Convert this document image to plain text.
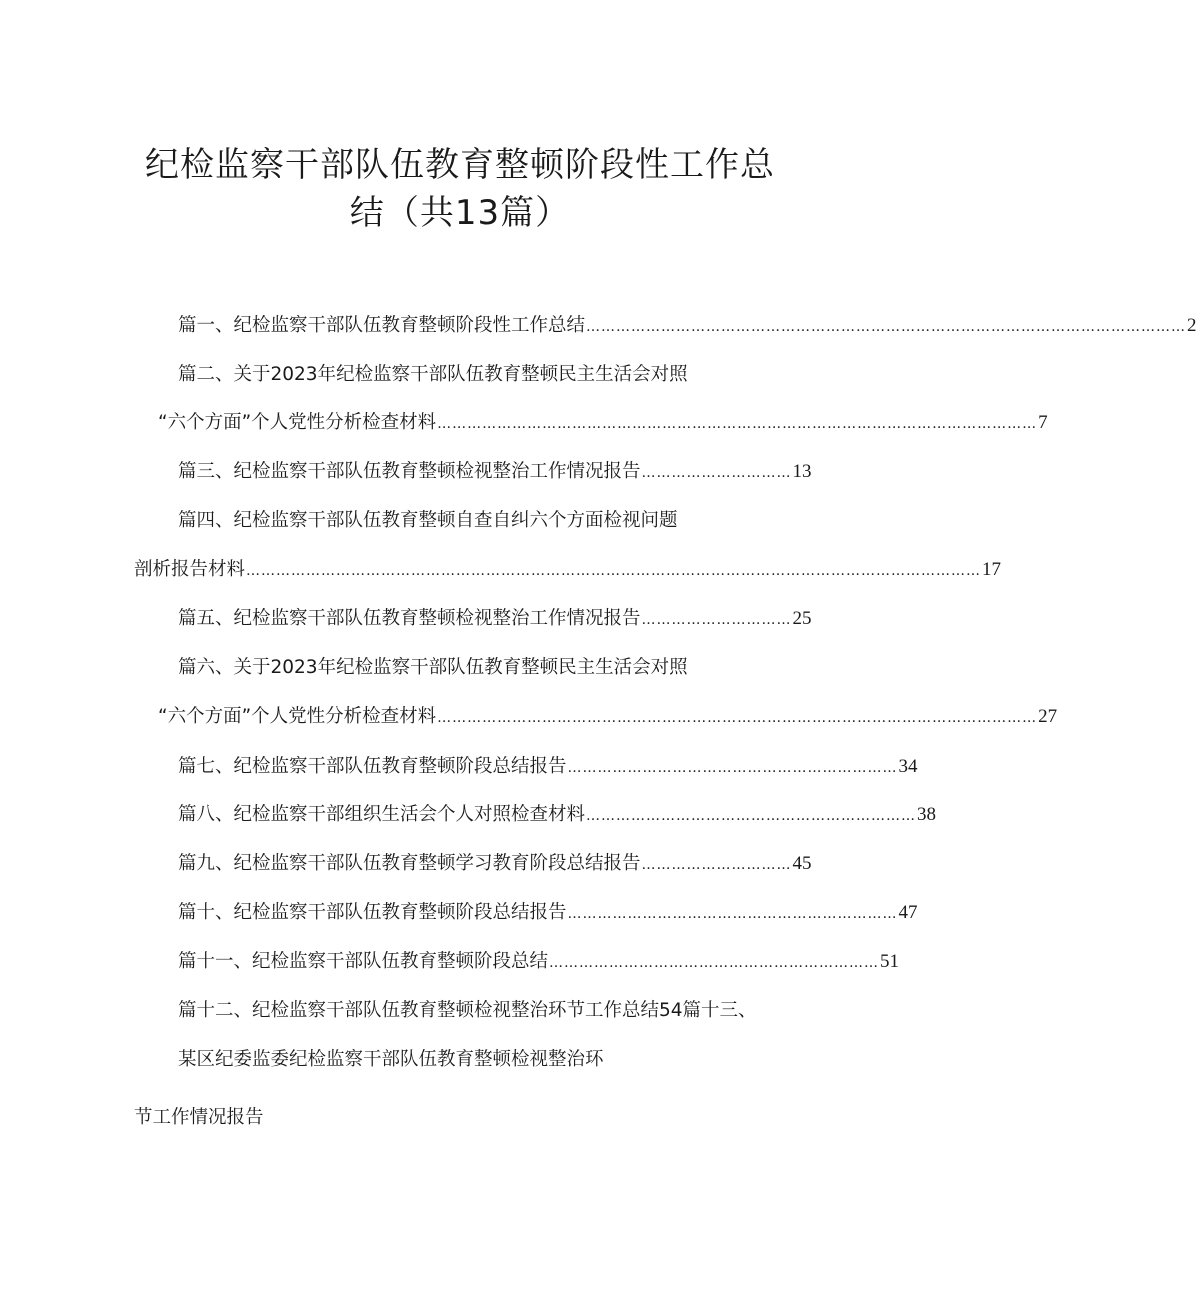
纪检监察干部队伍教育整顿阶段性工作总
结（共13篇）
篇一、纪检监察干部队伍教育整顿阶段性工作总结 ………………………………………………………………………………………………………… 2
篇二、关于2023年纪检监察干部队伍教育整顿民主生活会对照
“六个方面”个人党性分析检查材料 ………………………………………………………………………………………………………… 7
篇三、纪检监察干部队伍教育整顿检视整治工作情况报告 ………………………… 13
篇四、纪检监察干部队伍教育整顿自查自纠六个方面检视问题
剖析报告材料 ………………………………………………………………………………………………………………………………… 17
篇五、纪检监察干部队伍教育整顿检视整治工作情况报告 ………………………… 25
篇六、关于2023年纪检监察干部队伍教育整顿民主生活会对照
“六个方面”个人党性分析检查材料 ………………………………………………………………………………………………………… 27
篇七、纪检监察干部队伍教育整顿阶段总结报告 ………………………………………………………… 34
篇八、纪检监察干部组织生活会个人对照检查材料 ………………………………………………………… 38
篇九、纪检监察干部队伍教育整顿学习教育阶段总结报告 ………………………… 45
篇十、纪检监察干部队伍教育整顿阶段总结报告 ………………………………………………………… 47
篇十一、纪检监察干部队伍教育整顿阶段总结 ………………………………………………………… 51
篇十二、纪检监察干部队伍教育整顿检视整治环节工作总结54篇十三、
某区纪委监委纪检监察干部队伍教育整顿检视整治环
节工作情况报告
